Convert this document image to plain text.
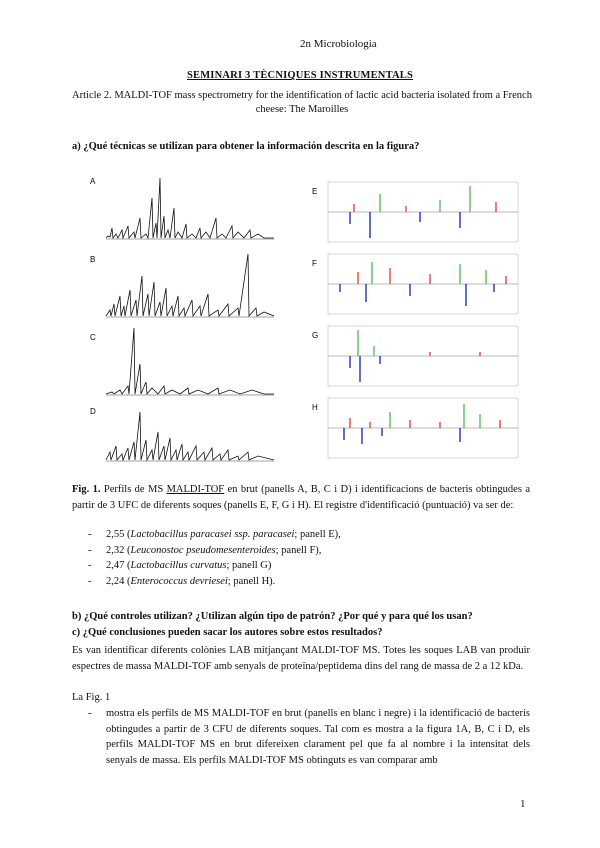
2n Microbiologia
SEMINARI 3 TÈCNIQUES INSTRUMENTALS
Article 2. MALDI-TOF mass spectrometry for the identification of lactic acid bacteria isolated from a French cheese: The Maroilles
a) ¿Qué técnicas se utilizan para obtener la información descrita en la figura?
A
B
C
D
E
F
G
H
Fig. 1. Perfils de MS MALDI-TOF en brut (panells A, B, C i D) i identificacions de bacteris obtingudes a partir de 3 UFC de diferents soques (panells E, F, G i H). El registre d'identificació (puntuació) va ser de:
- 2,55 (Lactobacillus paracasei ssp. paracasei; panell E),
- 2,32 (Leuconostoc pseudomesenteroides; panell F),
- 2,47 (Lactobacillus curvatus; panell G)
- 2,24 (Enterococcus devriesei; panell H).
b) ¿Qué controles utilizan? ¿Utilizan algún tipo de patrón? ¿Por qué y para qué los usan?
c) ¿Qué conclusiones pueden sacar los autores sobre estos resultados?
Es van identificar diferents colònies LAB mitjançant MALDI-TOF MS. Totes les soques LAB van produir espectres de massa MALDI-TOF amb senyals de proteïna/peptidema dins del rang de massa de 2 a 12 kDa.
La Fig. 1
- mostra els perfils de MS MALDI-TOF en brut (panells en blanc i negre) i la identificació de bacteris obtingudes a partir de 3 CFU de diferents soques. Tal com es mostra a la figura 1A, B, C i D, els perfils MALDI-TOF MS en brut difereixen clarament pel que fa al nombre i la intensitat dels senyals de massa. Els perfils MALDI-TOF MS obtinguts es van comparar amb
1
